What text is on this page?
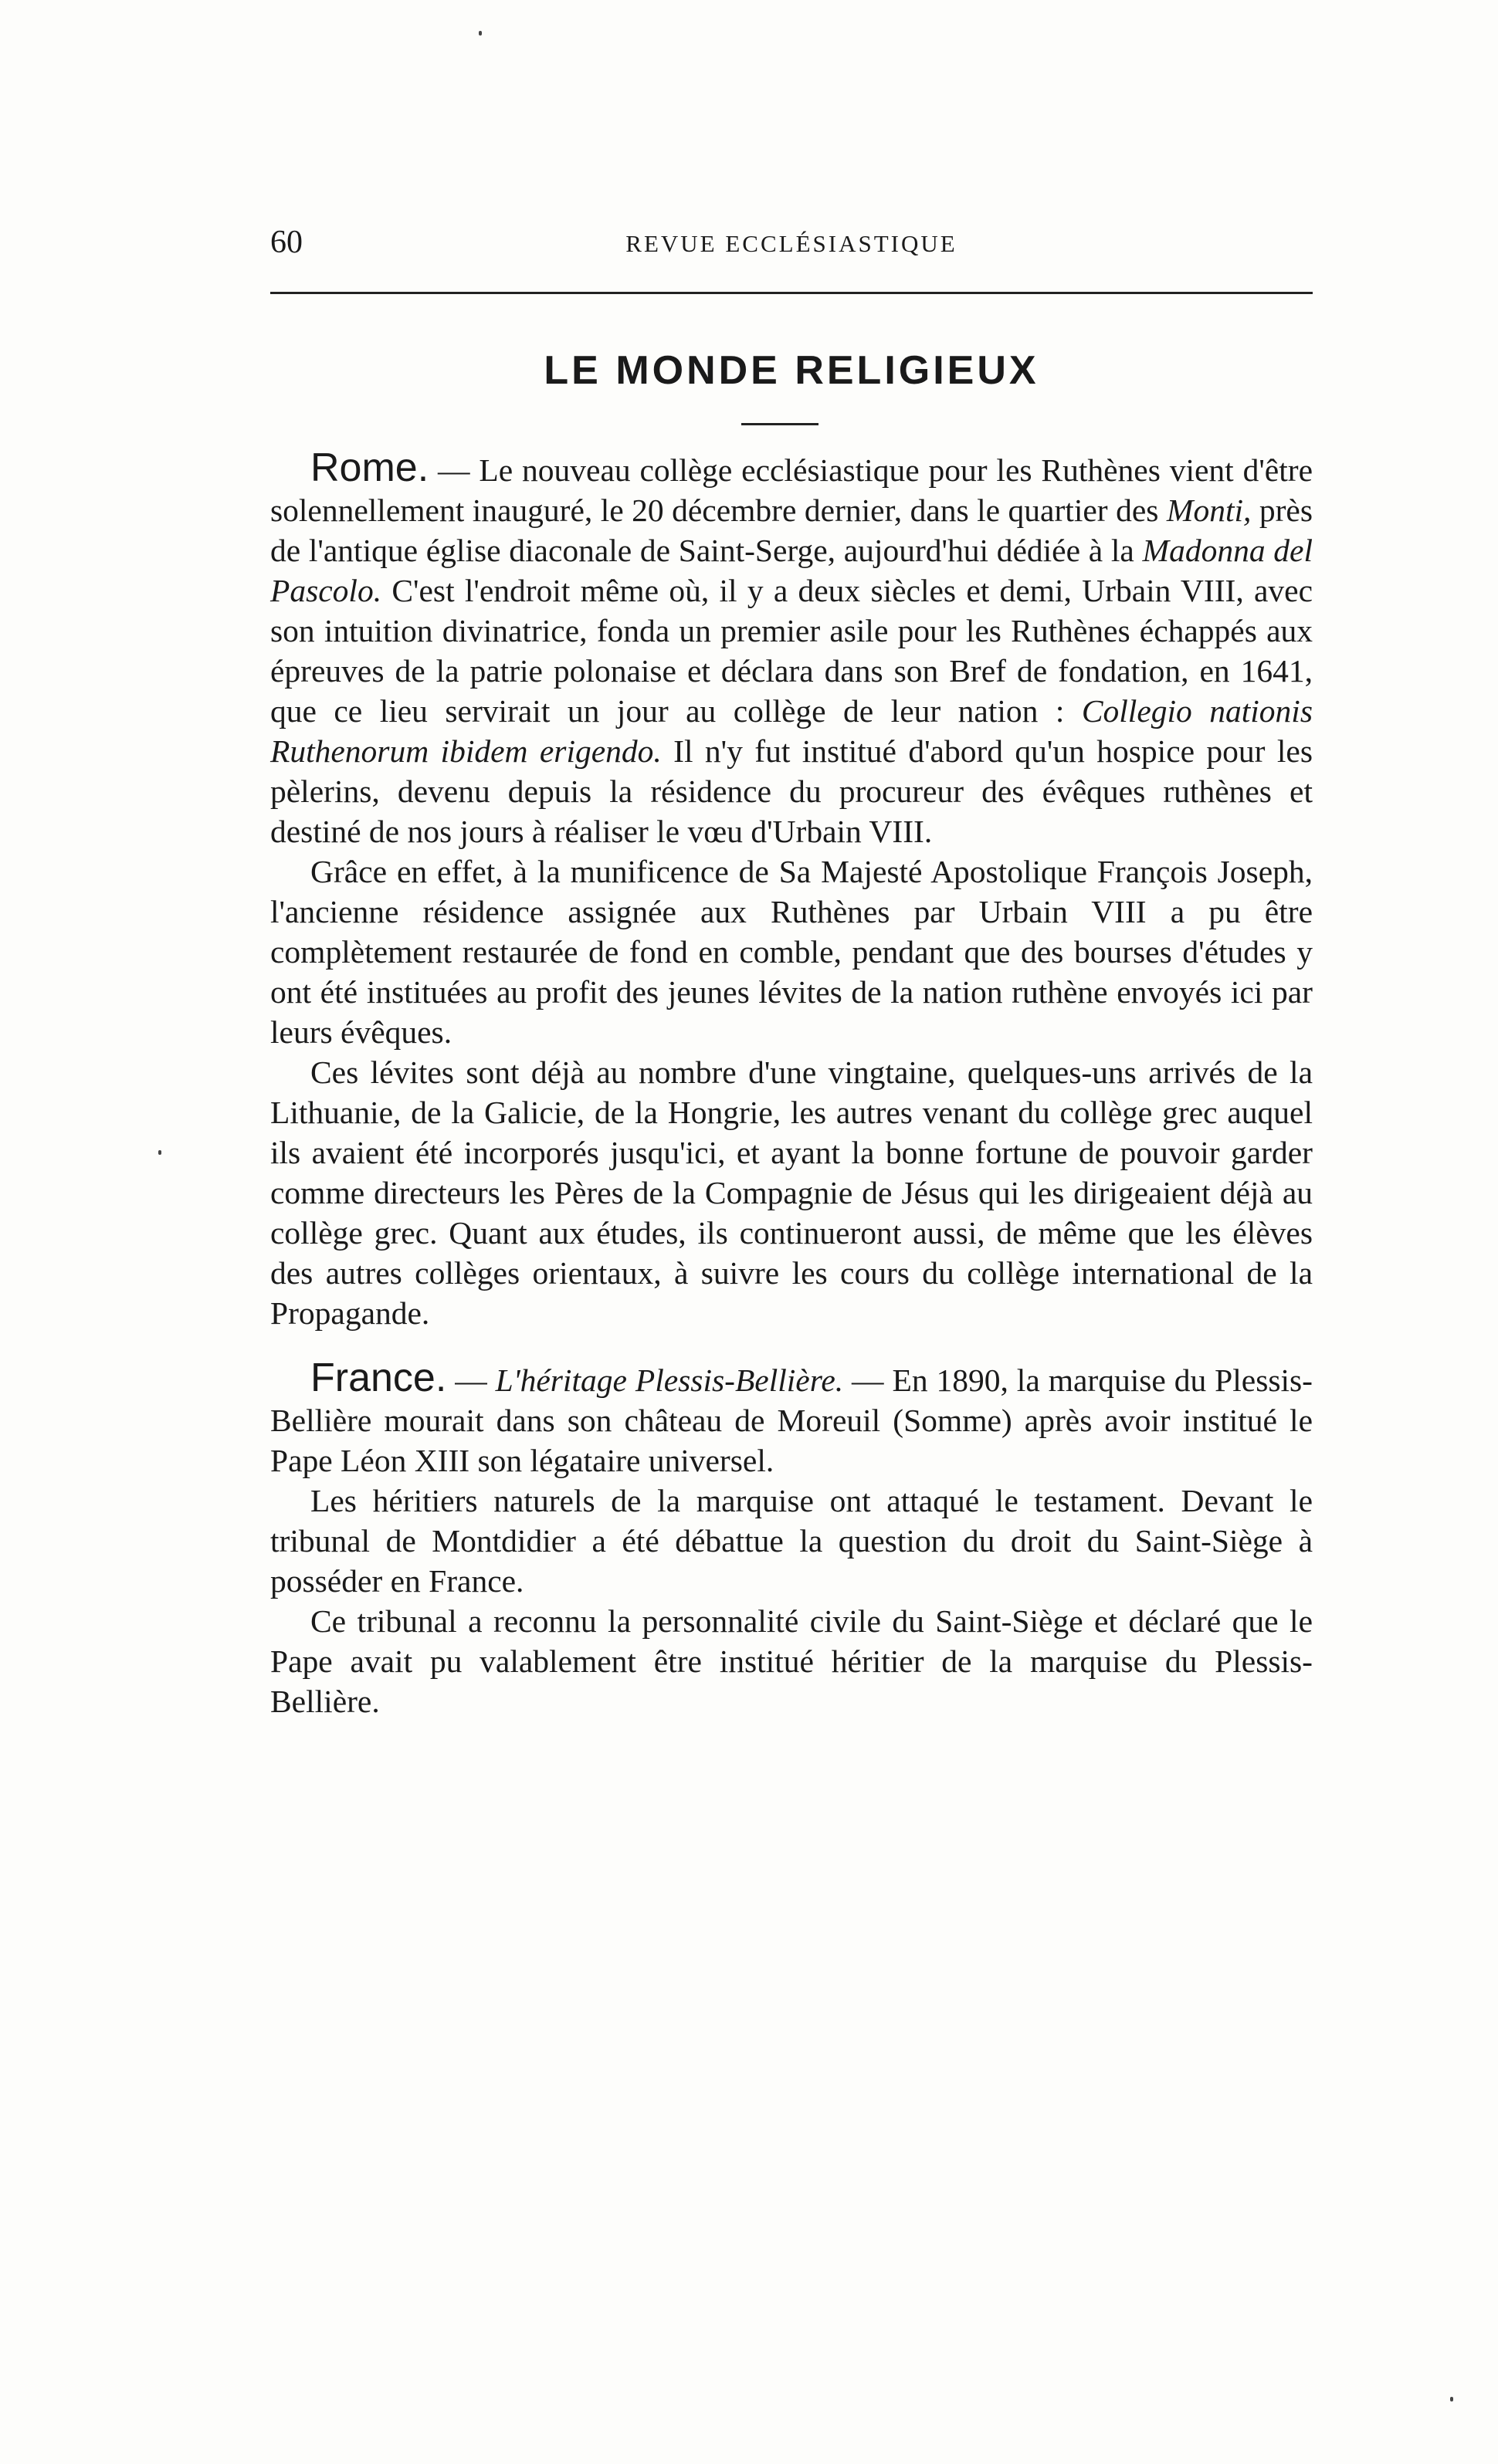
60	REVUE ECCLÉSIASTIQUE
LE MONDE RELIGIEUX

Rome. — Le nouveau collège ecclésiastique pour les Ruthènes vient d'être solennellement inauguré, le 20 décembre dernier, dans le quartier des Monti, près de l'antique église diaconale de Saint-Serge, aujourd'hui dédiée à la Madonna del Pascolo. C'est l'endroit même où, il y a deux siècles et demi, Urbain VIII, avec son intuition divinatrice, fonda un premier asile pour les Ruthènes échappés aux épreuves de la patrie polonaise et déclara dans son Bref de fondation, en 1641, que ce lieu servirait un jour au collège de leur nation : Collegio nationis Ruthenorum ibidem erigendo. Il n'y fut institué d'abord qu'un hospice pour les pèlerins, devenu depuis la résidence du procureur des évêques ruthènes et destiné de nos jours à réaliser le vœu d'Urbain VIII.

Grâce en effet, à la munificence de Sa Majesté Apostolique François Joseph, l'ancienne résidence assignée aux Ruthènes par Urbain VIII a pu être complètement restaurée de fond en comble, pendant que des bourses d'études y ont été instituées au profit des jeunes lévites de la nation ruthène envoyés ici par leurs évêques.

Ces lévites sont déjà au nombre d'une vingtaine, quelques-uns arrivés de la Lithuanie, de la Galicie, de la Hongrie, les autres venant du collège grec auquel ils avaient été incorporés jusqu'ici, et ayant la bonne fortune de pouvoir garder comme directeurs les Pères de la Compagnie de Jésus qui les dirigeaient déjà au collège grec. Quant aux études, ils continueront aussi, de même que les élèves des autres collèges orientaux, à suivre les cours du collège international de la Propagande.

France. — L'héritage Plessis-Bellière. — En 1890, la marquise du Plessis-Bellière mourait dans son château de Moreuil (Somme) après avoir institué le Pape Léon XIII son légataire universel.

Les héritiers naturels de la marquise ont attaqué le testament. Devant le tribunal de Montdidier a été débattue la question du droit du Saint-Siège à posséder en France.

Ce tribunal a reconnu la personnalité civile du Saint-Siège et déclaré que le Pape avait pu valablement être institué héritier de la marquise du Plessis-Bellière.
